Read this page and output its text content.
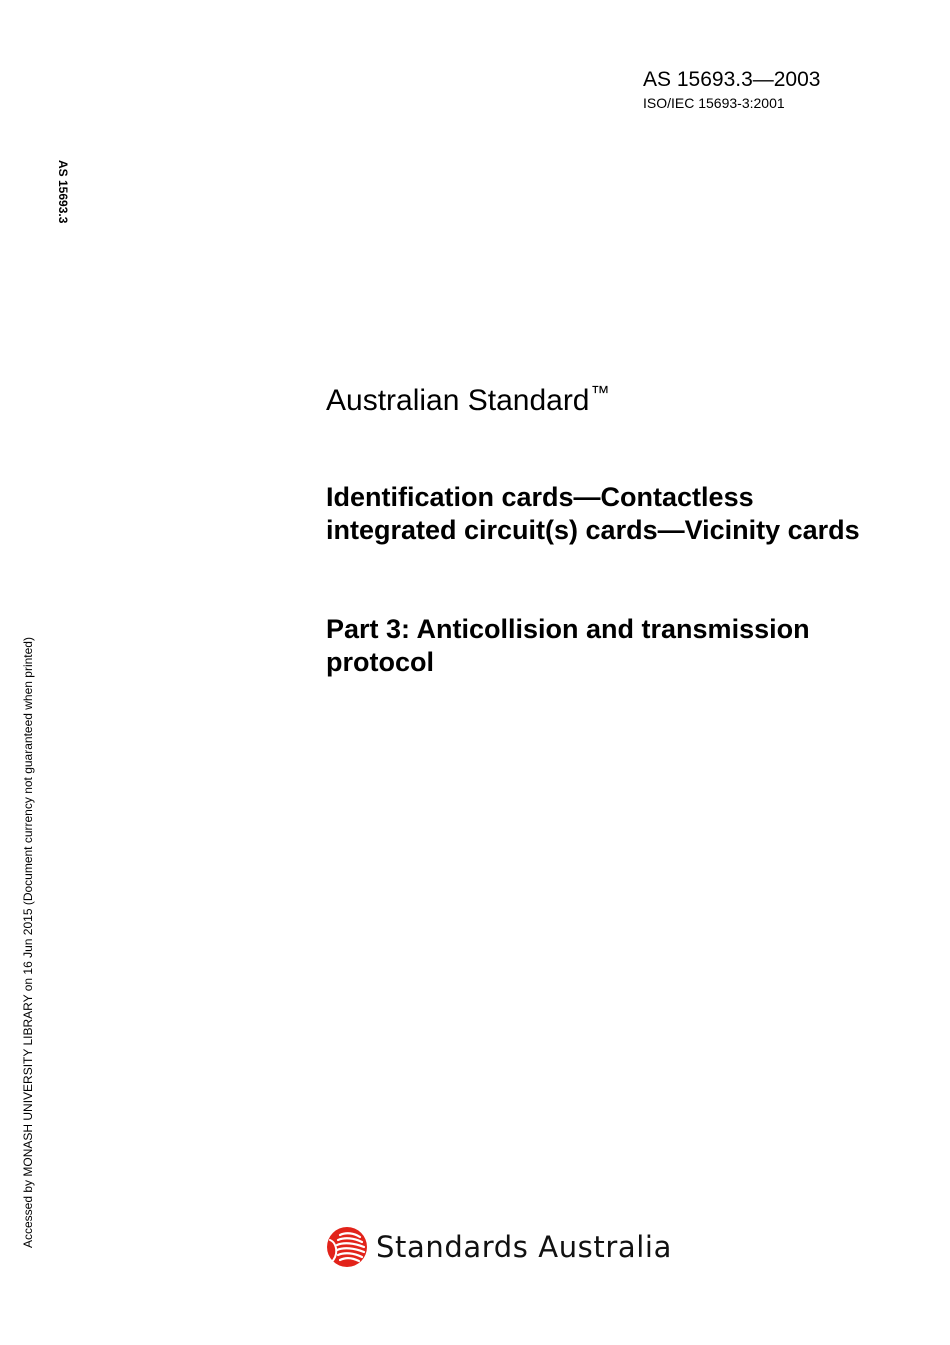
AS 15693.3—2003
ISO/IEC 15693-3:2001
AS 15693.3
Accessed by MONASH UNIVERSITY LIBRARY on 16 Jun 2015 (Document currency not guaranteed when printed)
Australian Standard™
Identification cards—Contactless integrated circuit(s) cards—Vicinity cards
Part 3: Anticollision and transmission protocol
Standards Australia
